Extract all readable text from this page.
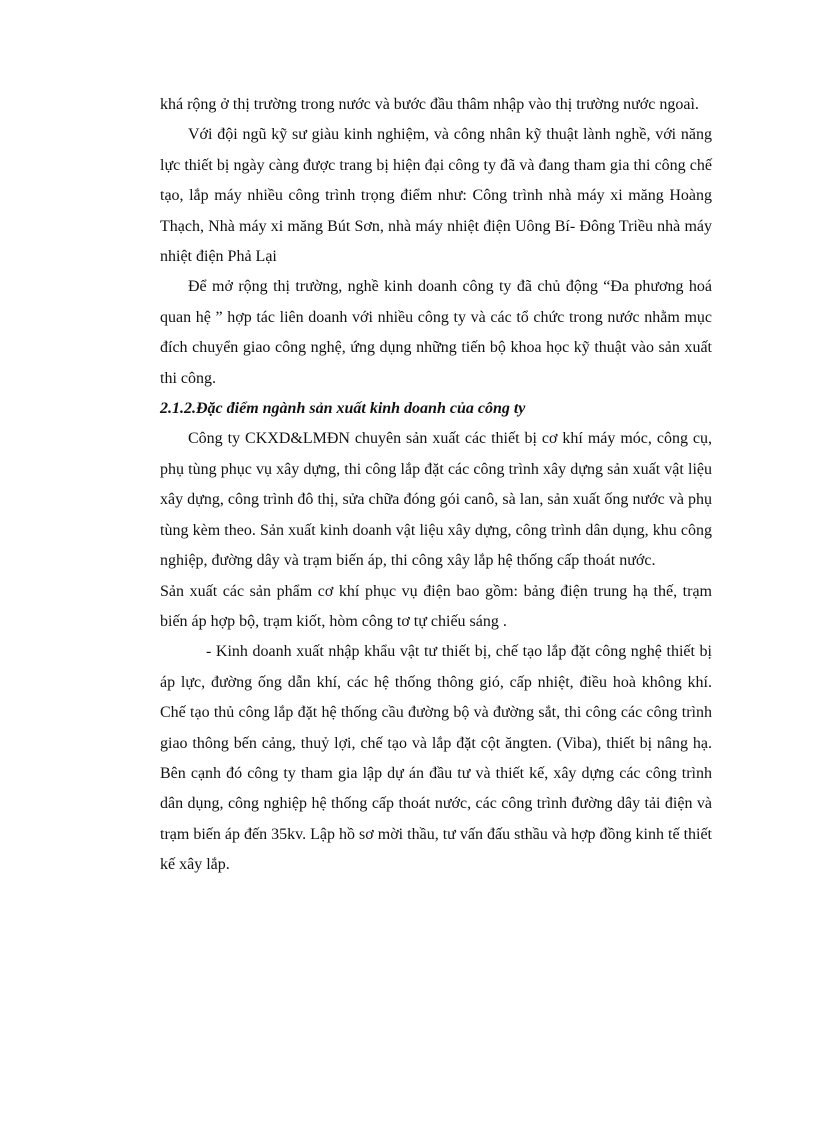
khá rộng ở thị trường trong nước và bước đầu thâm nhập vào thị trường nước ngoaì.

Với đội ngũ kỹ sư giàu kinh nghiệm, và công nhân kỹ thuật lành nghề, với năng lực thiết bị ngày càng được trang bị hiện đại công ty đã và đang tham gia thi công chế tạo, lắp máy nhiều công trình trọng điểm như: Công trình nhà máy xi măng Hoàng Thạch, Nhà máy xi măng Bút Sơn, nhà máy nhiệt điện Uông Bí- Đông Triều nhà máy nhiệt điện Phả Lại

Để mở rộng thị trường, nghề kinh doanh công ty đã chủ động “Đa phương hoá quan hệ ” hợp tác liên doanh với nhiều công ty và các tổ chức trong nước nhằm mục đích chuyển giao công nghệ, ứng dụng những tiến bộ khoa học kỹ thuật vào sản xuất thi công.

2.1.2.Đặc điểm ngành sản xuất kinh doanh của công ty

Công ty CKXD&LMĐN chuyên sản xuất các thiết bị cơ khí máy móc, công cụ, phụ tùng phục vụ xây dựng, thi công lắp đặt các công trình xây dựng sản xuất vật liệu xây dựng, công trình đô thị, sửa chữa đóng gói canô, sà lan, sản xuất ống nước và phụ tùng kèm theo. Sản xuất kinh doanh vật liệu xây dựng, công trình dân dụng, khu công nghiệp, đường dây và trạm biến áp, thi công xây lắp hệ thống cấp thoát nước.

Sản xuất các sản phẩm cơ khí phục vụ điện bao gồm: bảng điện trung hạ thế, trạm biến áp hợp bộ, trạm kiốt, hòm công tơ tự chiếu sáng .

- Kinh doanh xuất nhập khẩu vật tư thiết bị, chế tạo lắp đặt công nghệ thiết bị áp lực, đường ống dẫn khí, các hệ thống thông gió, cấp nhiệt, điều hoà không khí. Chế tạo thủ công lắp đặt hệ thống cầu đường bộ và đường sắt, thi công các công trình giao thông bến cảng, thuỷ lợi, chế tạo và lắp đặt cột ăngten. (Viba), thiết bị nâng hạ. Bên cạnh đó công ty tham gia lập dự án đầu tư và thiết kế, xây dựng các công trình dân dụng, công nghiệp hệ thống cấp thoát nước, các công trình đường dây tải điện và trạm biến áp đến 35kv. Lập hồ sơ mời thầu, tư vấn đấu sthầu và hợp đồng kinh tế thiết kế xây lắp.
